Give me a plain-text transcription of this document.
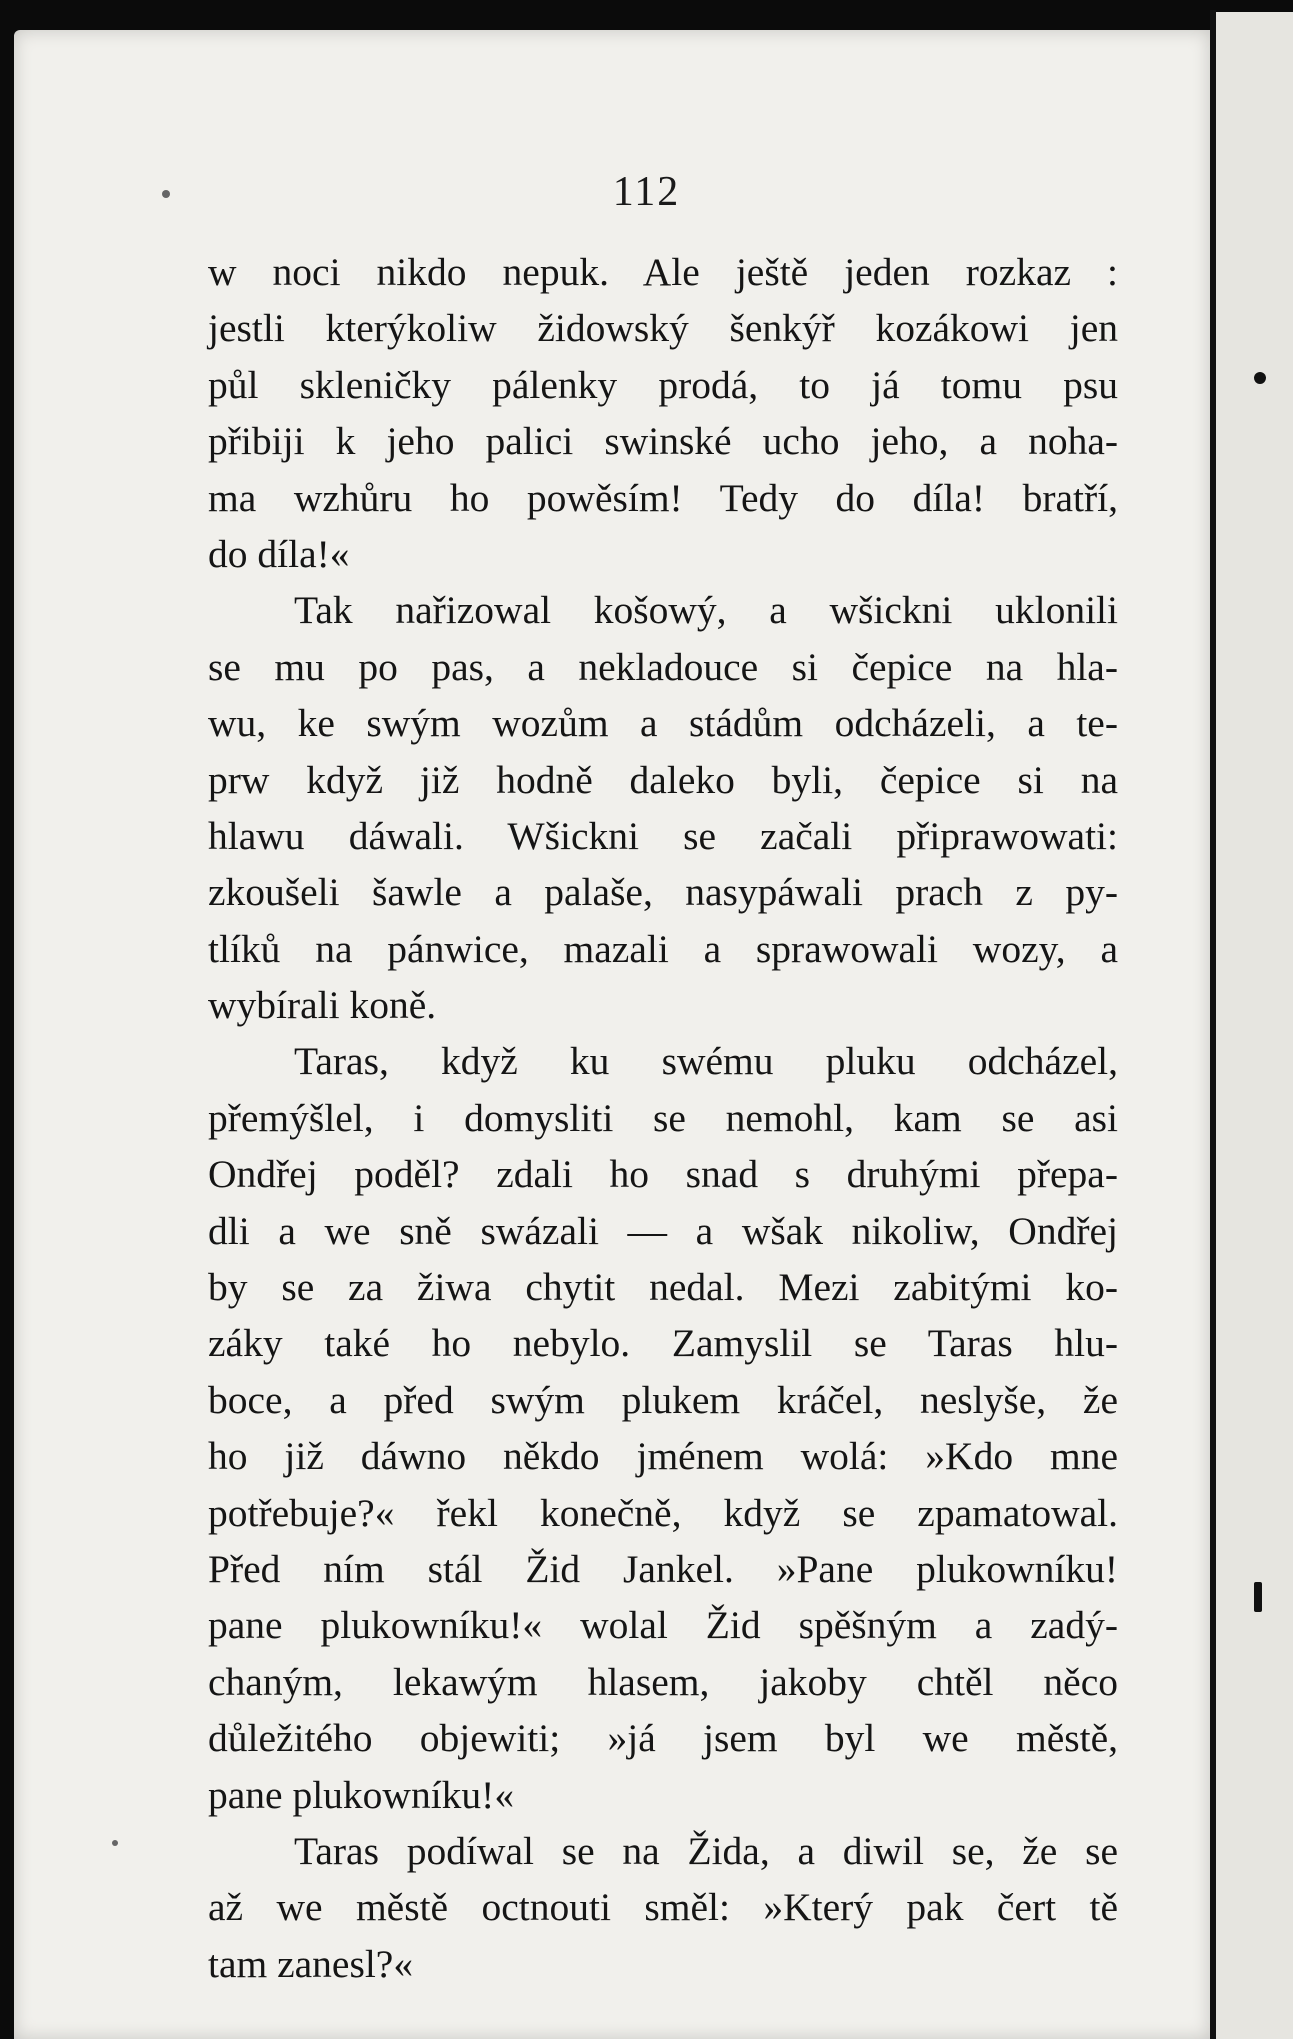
112
w noci nikdo nepuk. Ale ještě jeden rozkaz :
jestli kterýkoliw židowský šenkýř kozákowi jen
půl skleničky pálenky prodá, to já tomu psu
přibiji k jeho palici swinské ucho jeho, a noha-
ma wzhůru ho powěsím! Tedy do díla! bratří,
do díla!«
Tak nařizowal košowý, a wšickni uklonili
se mu po pas, a nekladouce si čepice na hla-
wu, ke swým wozům a stádům odcházeli, a te-
prw když již hodně daleko byli, čepice si na
hlawu dáwali. Wšickni se začali připrawowati:
zkoušeli šawle a palaše, nasypáwali prach z py-
tlíků na pánwice, mazali a sprawowali wozy, a
wybírali koně.
Taras, když ku swému pluku odcházel,
přemýšlel, i domysliti se nemohl, kam se asi
Ondřej poděl? zdali ho snad s druhými přepa-
dli a we sně swázali — a wšak nikoliw, Ondřej
by se za žiwa chytit nedal. Mezi zabitými ko-
záky také ho nebylo. Zamyslil se Taras hlu-
boce, a před swým plukem kráčel, neslyše, že
ho již dáwno někdo jménem wolá: »Kdo mne
potřebuje?« řekl konečně, když se zpamatowal.
Před ním stál Žid Jankel. »Pane plukowníku!
pane plukowníku!« wolal Žid spěšným a zadý-
chaným, lekawým hlasem, jakoby chtěl něco
důležitého objewiti; »já jsem byl we městě,
pane plukowníku!«
Taras podíwal se na Žida, a diwil se, že se
až we městě octnouti směl: »Který pak čert tě
tam zanesl?«
